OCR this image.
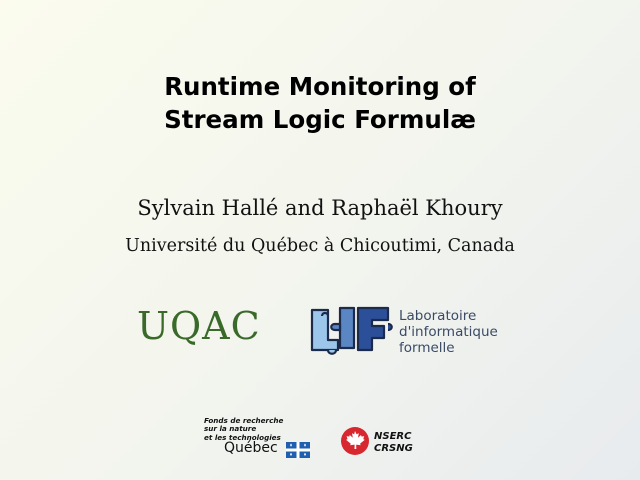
Runtime Monitoring of
Stream Logic Formulæ
Sylvain Hallé and Raphaël Khoury
Université du Québec à Chicoutimi, Canada
UQAC	Laboratoire
d'informatique
formelle
Fonds de recherche
sur la nature
et les technologies
Québec
NSERC
CRSNG
